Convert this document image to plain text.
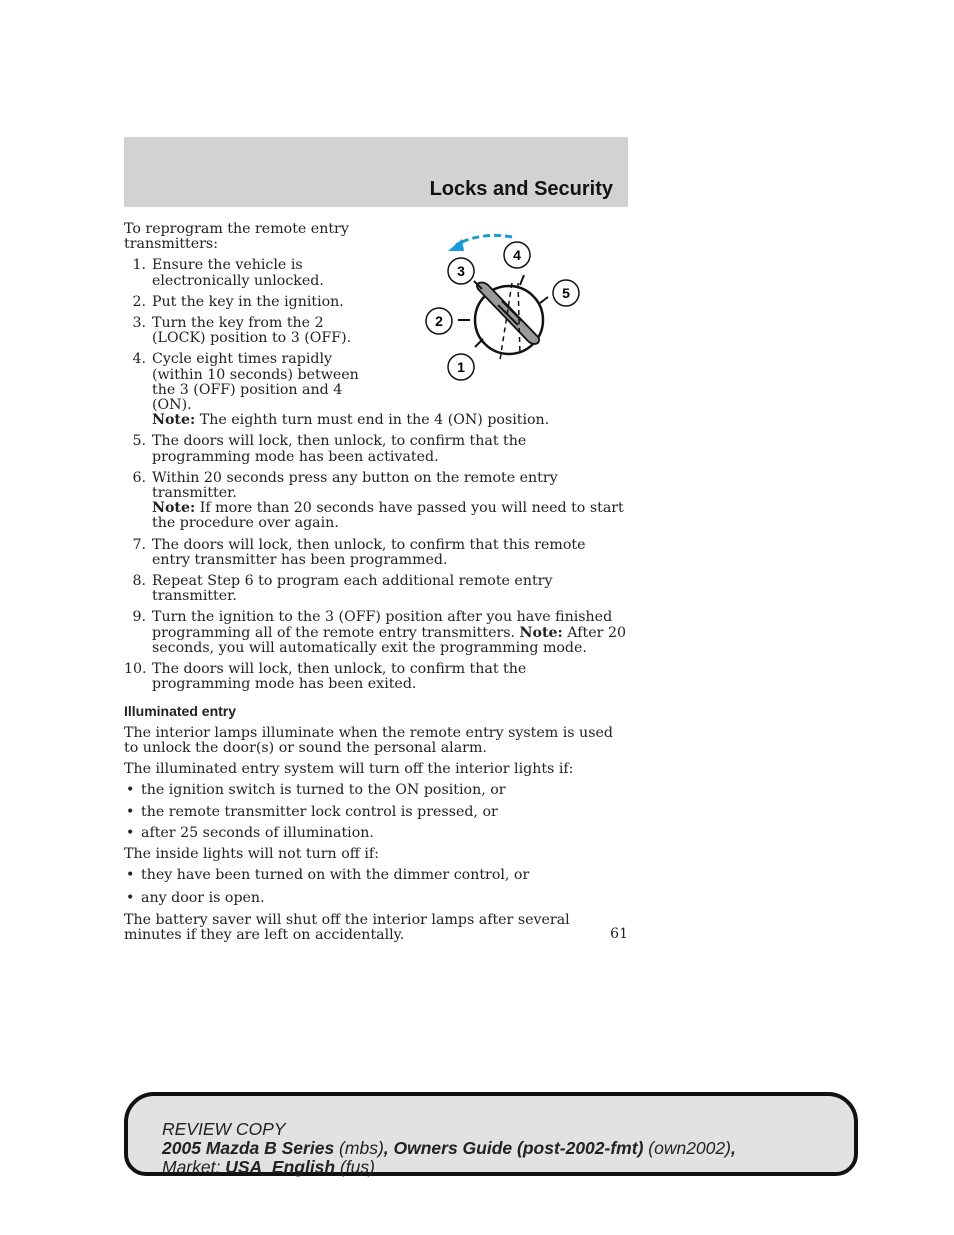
Locks and Security
1
2
3
4
5

To reprogram the remote entry transmitters:

1. Ensure the vehicle is electronically unlocked.
2. Put the key in the ignition.
3. Turn the key from the 2 (LOCK) position to 3 (OFF).
4. Cycle eight times rapidly (within 10 seconds) between the 3 (OFF) position and 4 (ON).
Note: The eighth turn must end in the 4 (ON) position.
5. The doors will lock, then unlock, to confirm that the programming mode has been activated.
6. Within 20 seconds press any button on the remote entry transmitter.
Note: If more than 20 seconds have passed you will need to start the procedure over again.
7. The doors will lock, then unlock, to confirm that this remote entry transmitter has been programmed.
8. Repeat Step 6 to program each additional remote entry transmitter.
9. Turn the ignition to the 3 (OFF) position after you have finished programming all of the remote entry transmitters. Note: After 20 seconds, you will automatically exit the programming mode.
10. The doors will lock, then unlock, to confirm that the programming mode has been exited.
Illuminated entry

The interior lamps illuminate when the remote entry system is used to unlock the door(s) or sound the personal alarm.

The illuminated entry system will turn off the interior lights if:

• the ignition switch is turned to the ON position, or
• the remote transmitter lock control is pressed, or
• after 25 seconds of illumination.

The inside lights will not turn off if:

• they have been turned on with the dimmer control, or
• any door is open.

The battery saver will shut off the interior lamps after several minutes if they are left on accidentally.	61
REVIEW COPY
2005 Mazda B Series (mbs), Owners Guide (post-2002-fmt) (own2002),
Market: USA_English (fus)
